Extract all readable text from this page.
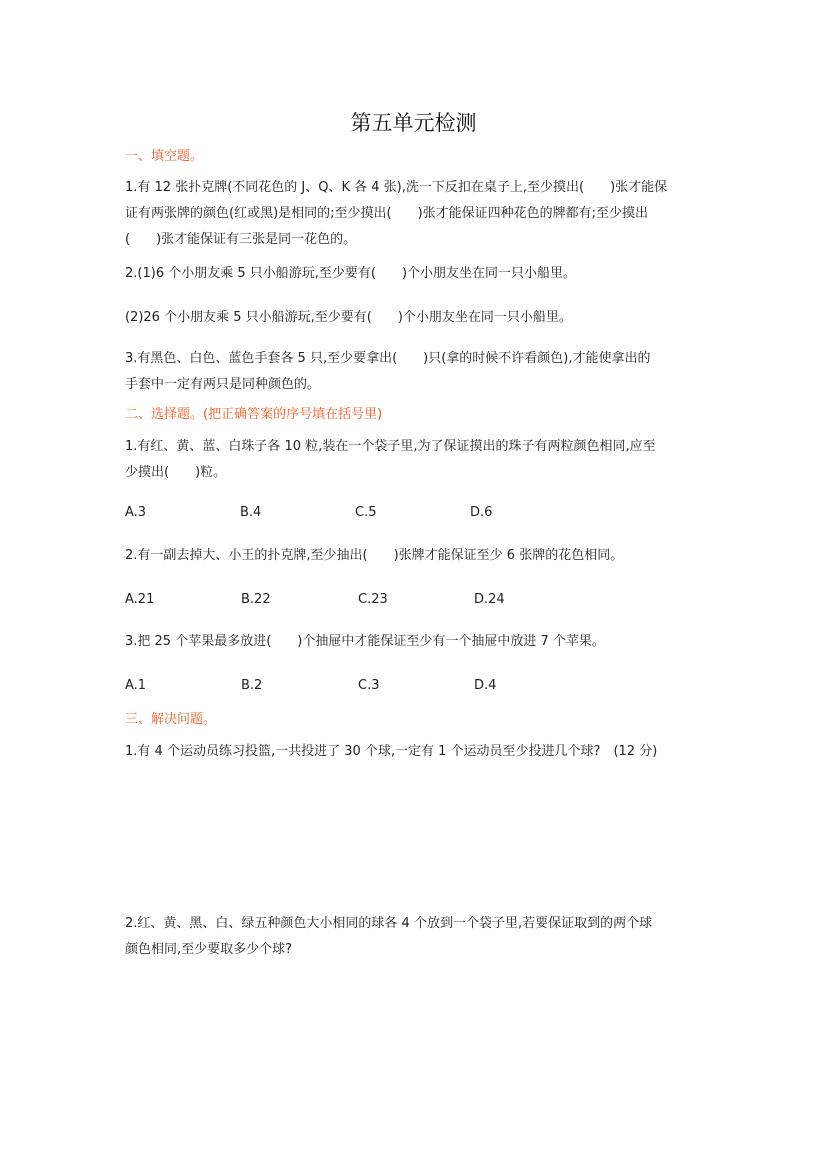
第五单元检测
一、填空题。
1.有 12 张扑克牌(不同花色的 J、Q、K 各 4 张),洗一下反扣在桌子上,至少摸出(　　)张才能保
证有两张牌的颜色(红或黑)是相同的;至少摸出(　　)张才能保证四种花色的牌都有;至少摸出
(　　)张才能保证有三张是同一花色的。
2.(1)6 个小朋友乘 5 只小船游玩,至少要有(　　)个小朋友坐在同一只小船里。
(2)26 个小朋友乘 5 只小船游玩,至少要有(　　)个小朋友坐在同一只小船里。
3.有黑色、白色、蓝色手套各 5 只,至少要拿出(　　)只(拿的时候不许看颜色),才能使拿出的
手套中一定有两只是同种颜色的。
二、选择题。(把正确答案的序号填在括号里)
1.有红、黄、蓝、白珠子各 10 粒,装在一个袋子里,为了保证摸出的珠子有两粒颜色相同,应至
少摸出(　　)粒。
A.3	B.4	C.5	D.6
2.有一副去掉大、小王的扑克牌,至少抽出(　　)张牌才能保证至少 6 张牌的花色相同。
A.21	B.22	C.23	D.24
3.把 25 个苹果最多放进(　　)个抽屉中才能保证至少有一个抽屉中放进 7 个苹果。
A.1	B.2	C.3	D.4
三、解决问题。
1.有 4 个运动员练习投篮,一共投进了 30 个球,一定有 1 个运动员至少投进几个球?　(12 分)
2.红、黄、黑、白、绿五种颜色大小相同的球各 4 个放到一个袋子里,若要保证取到的两个球
颜色相同,至少要取多少个球?
